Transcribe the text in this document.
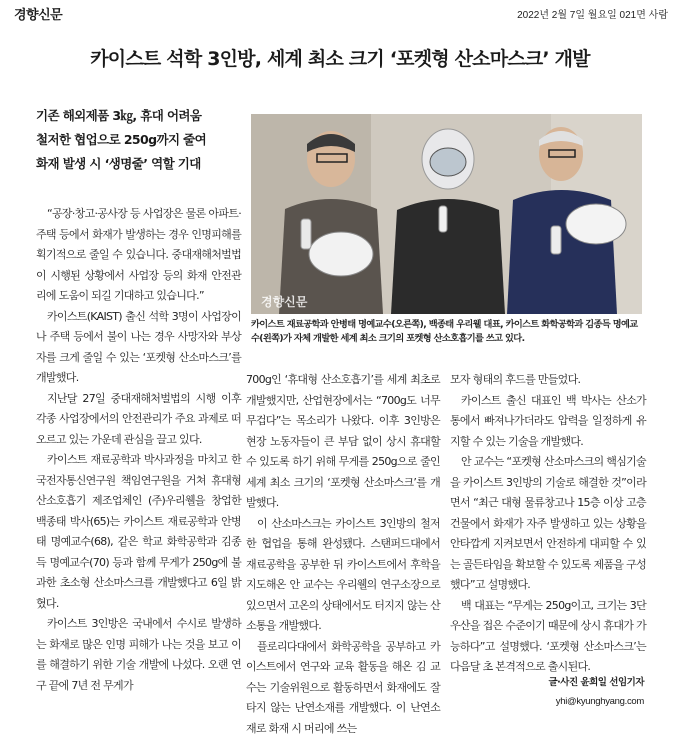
경향신문	2022년 2월 7일 월요일 021면 사람
카이스트 석학 3인방, 세계 최소 크기 ‘포켓형 산소마스크’ 개발
기존 해외제품 3㎏, 휴대 어려움
철저한 협업으로 250g까지 줄여
화재 발생 시 ‘생명줄’ 역할 기대
경향신문
카이스트 재료공학과 안병태 명예교수(오른쪽), 백종태 우리웰 대표, 카이스트 화학공학과 김종득 명예교수(왼쪽)가 자체 개발한 세계 최소 크기의 포켓형 산소호흡기를 쓰고 있다.

“공장·창고·공사장 등 사업장은 물론 아파트·주택 등에서 화재가 발생하는 경우 인명피해를 획기적으로 줄일 수 있습니다. 중대재해처벌법이 시행된 상황에서 사업장 등의 화재 안전관리에 도움이 되길 기대하고 있습니다.”

카이스트(KAIST) 출신 석학 3명이 사업장이나 주택 등에서 불이 나는 경우 사망자와 부상자를 크게 줄일 수 있는 ‘포켓형 산소마스크’를 개발했다.

지난달 27일 중대재해처벌법의 시행 이후 각종 사업장에서의 안전관리가 주요 과제로 떠오르고 있는 가운데 관심을 끌고 있다.

카이스트 재료공학과 박사과정을 마치고 한국전자통신연구원 책임연구원을 거쳐 휴대형 산소호흡기 제조업체인 (주)우리웰을 창업한 백종태 박사(65)는 카이스트 재료공학과 안병태 명예교수(68), 같은 학교 화학공학과 김종득 명예교수(70) 등과 함께 무게가 250g에 불과한 초소형 산소마스크를 개발했다고 6일 밝혔다.

카이스트 3인방은 국내에서 수시로 발생하는 화재로 많은 인명 피해가 나는 것을 보고 이를 해결하기 위한 기술 개발에 나섰다. 오랜 연구 끝에 7년 전 무게가

700g인 ‘휴대형 산소호흡기’를 세계 최초로 개발했지만, 산업현장에서는 “700g도 너무 무겁다”는 목소리가 나왔다. 이후 3인방은 현장 노동자들이 큰 부담 없이 상시 휴대할 수 있도록 하기 위해 무게를 250g으로 줄인 세계 최소 크기의 ‘포켓형 산소마스크’를 개발했다.

이 산소마스크는 카이스트 3인방의 철저한 협업을 통해 완성됐다. 스탠퍼드대에서 재료공학을 공부한 뒤 카이스트에서 후학을 지도해온 안 교수는 우리웰의 연구소장으로 있으면서 고온의 상태에서도 터지지 않는 산소통을 개발했다.

플로리다대에서 화학공학을 공부하고 카이스트에서 연구와 교육 활동을 해온 김 교수는 기술위원으로 활동하면서 화재에도 잘 타지 않는 난연소재를 개발했다. 이 난연소재로 화재 시 머리에 쓰는

모자 형태의 후드를 만들었다.

카이스트 출신 대표인 백 박사는 산소가 통에서 빠져나가더라도 압력을 일정하게 유지할 수 있는 기술을 개발했다.

안 교수는 “포켓형 산소마스크의 핵심기술을 카이스트 3인방의 기술로 해결한 것”이라면서 “최근 대형 물류창고나 15층 이상 고층건물에서 화재가 자주 발생하고 있는 상황을 안타깝게 지켜보면서 안전하게 대피할 수 있는 골든타임을 확보할 수 있도록 제품을 구성했다”고 설명했다.

백 대표는 “무게는 250g이고, 크기는 3단 우산을 접은 수준이기 때문에 상시 휴대가 가능하다”고 설명했다. ‘포켓형 산소마스크’는 다음달 초 본격적으로 출시된다.

글·사진 윤희일 선임기자
yhi@kyunghyang.com
